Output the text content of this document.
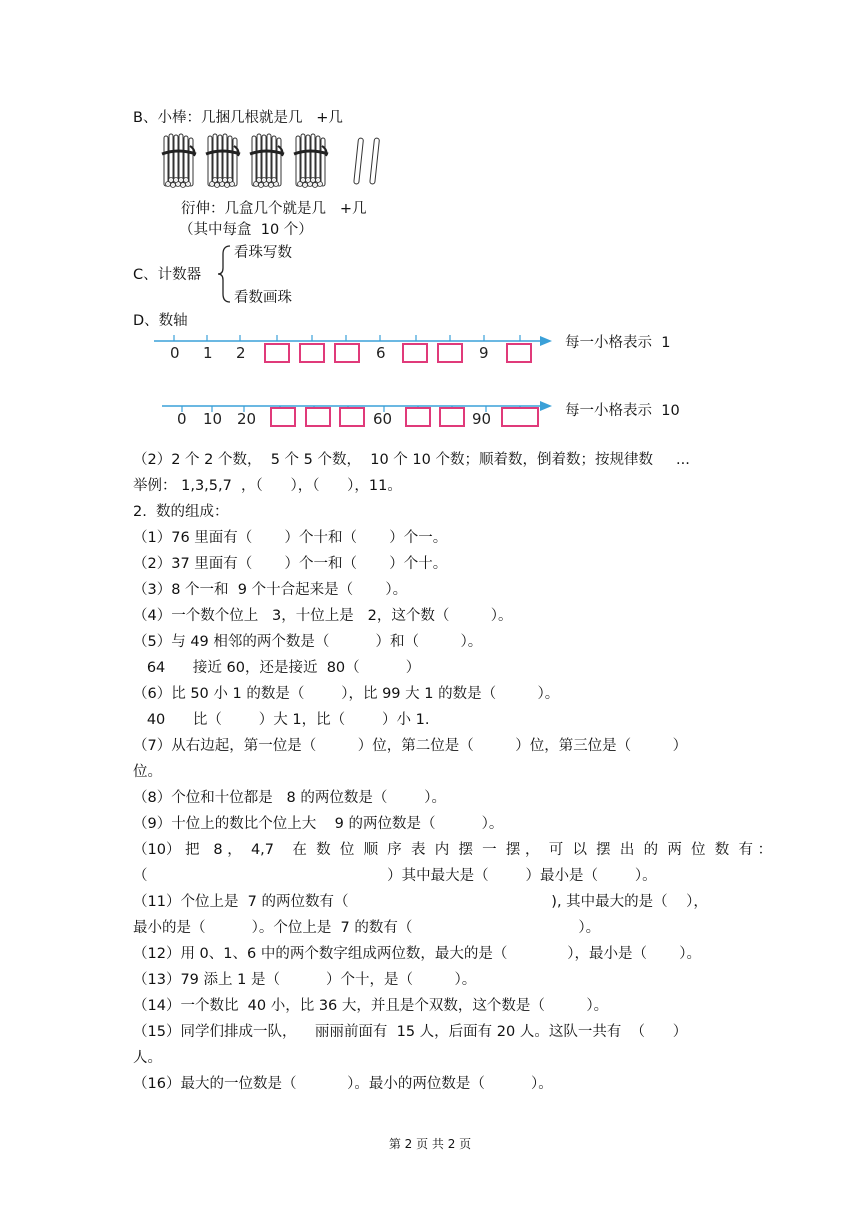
B、小棒：几捆几根就是几   +几
衍伸：几盒几个就是几   +几
（其中每盒  10 个）
C、计数器
看珠写数
看数画珠
D、数轴
0 1 2	6	9
每一小格表示  1
0 10 20	60	90	每一小格表示  10
（2）2 个 2 个数，  5 个 5 个数，  10 个 10 个数；顺着数，倒着数；按规律数     ...
举例： 1,3,5,7  ，（      ），（      ），11。
2.  数的组成：
（1）76 里面有（       ）个十和（       ）个一。
（2）37 里面有（       ）个一和（       ）个十。
（3）8 个一和  9 个十合起来是（       ）。
（4）一个数个位上   3，十位上是   2，这个数（         ）。
（5）与 49 相邻的两个数是（          ）和（         ）。
64      接近 60，还是接近  80（          ）
（6）比 50 小 1 的数是（        ），比 99 大 1 的数是（         ）。
40      比（        ）大 1，比（        ）小 1.
（7）从右边起，第一位是（         ）位，第二位是（         ）位，第三位是（         ）
位。
（8）个位和十位都是   8 的两位数是（        ）。
（9）十位上的数比个位上大    9 的两位数是（          ）。
（10） 把   8 ，  4,7    在  数  位  顺  序  表  内  摆  一  摆 ，  可  以  摆  出  的  两  位  数  有 ：
（                                                    ）其中最大是（        ）最小是（        ）。
（11）个位上是  7 的两位数有（                                            ), 其中最大的是（    ），
最小的是（          ）。个位上是  7 的数有（                                    ）。
（12）用 0、1、6 中的两个数字组成两位数，最大的是（             ），最小是（       ）。
（13）79 添上 1 是（          ）个十，是（         ）。
（14）一个数比  40 小，比 36 大，并且是个双数，这个数是（         ）。
（15）同学们排成一队，    丽丽前面有  15 人，后面有 20 人。这队一共有  （      ）
人。
（16）最大的一位数是（           ）。最小的两位数是（          ）。
第 2 页 共 2 页
